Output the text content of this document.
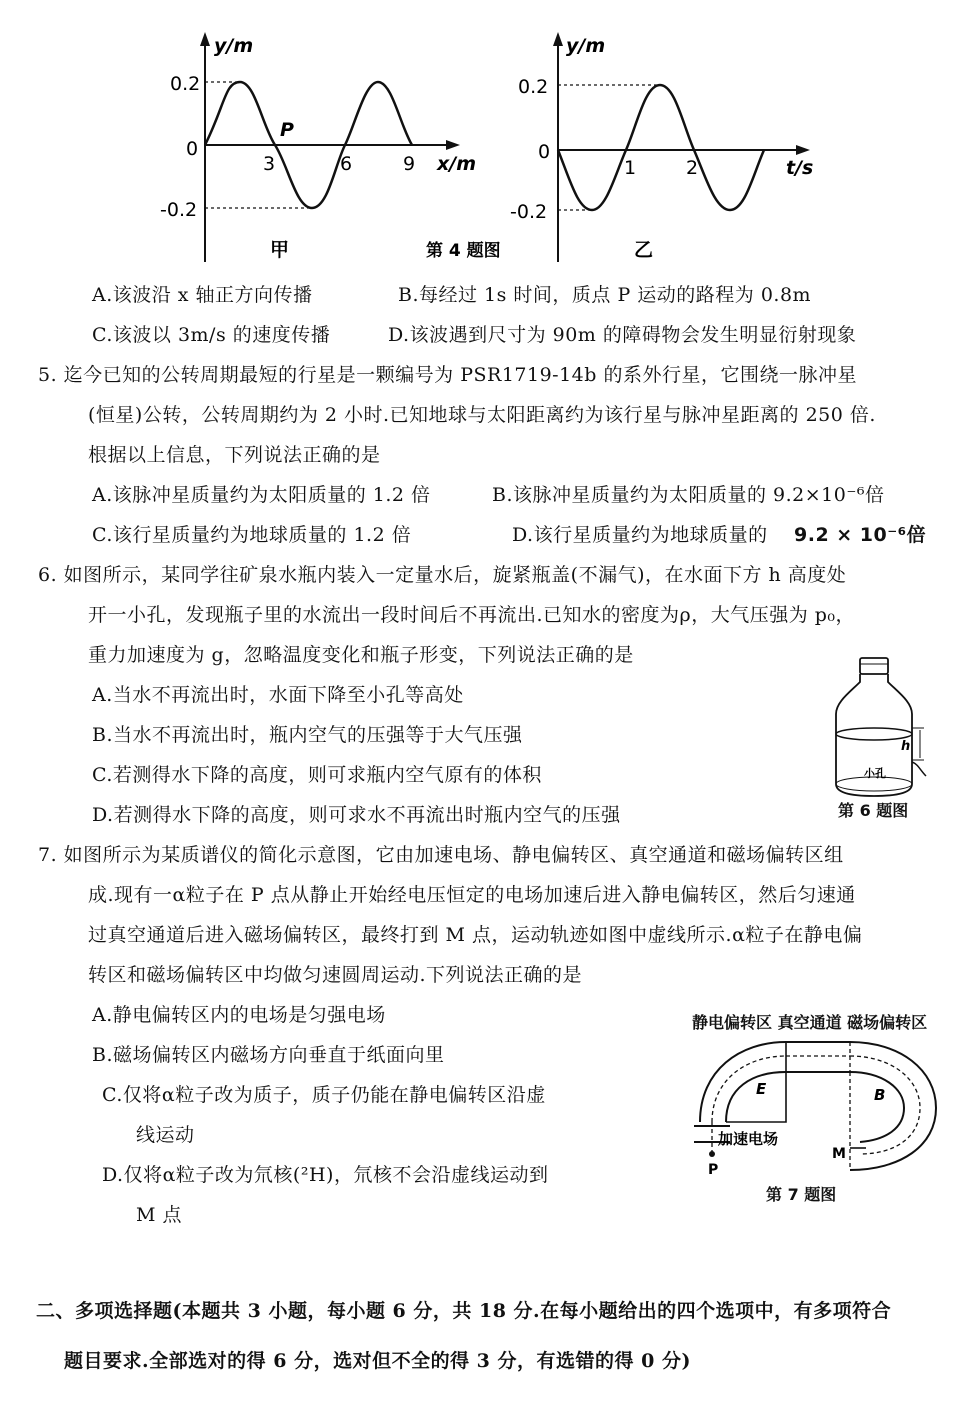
y/m
0.2
0
-0.2
3	6	9 x/m
P
甲	第 4 题图
y/m
0.2
0
-0.2
1	2	t/s
乙
A.该波沿 x 轴正方向传播	B.每经过 1s 时间，质点 P 运动的路程为 0.8m
C.该波以 3m/s 的速度传播	D.该波遇到尺寸为 90m 的障碍物会发生明显衍射现象
5. 迄今已知的公转周期最短的行星是一颗编号为 PSR1719-14b 的系外行星，它围绕一脉冲星
(恒星)公转，公转周期约为 2 小时.已知地球与太阳距离约为该行星与脉冲星距离的 250 倍.
根据以上信息，下列说法正确的是
A.该脉冲星质量约为太阳质量的 1.2 倍	B.该脉冲星质量约为太阳质量的 9.2×10⁻⁶倍
C.该行星质量约为地球质量的 1.2 倍	D.该行星质量约为地球质量的 9.2 × 10⁻⁶倍
6. 如图所示，某同学往矿泉水瓶内装入一定量水后，旋紧瓶盖(不漏气)，在水面下方 h 高度处
开一小孔，发现瓶子里的水流出一段时间后不再流出.已知水的密度为ρ，大气压强为 p₀，
重力加速度为 g，忽略温度变化和瓶子形变，下列说法正确的是
A.当水不再流出时，水面下降至小孔等高处
B.当水不再流出时，瓶内空气的压强等于大气压强
C.若测得水下降的高度，则可求瓶内空气原有的体积
D.若测得水下降的高度，则可求水不再流出时瓶内空气的压强
h
小孔
第 6 题图
7. 如图所示为某质谱仪的简化示意图，它由加速电场、静电偏转区、真空通道和磁场偏转区组
成.现有一α粒子在 P 点从静止开始经电压恒定的电场加速后进入静电偏转区，然后匀速通
过真空通道后进入磁场偏转区，最终打到 M 点，运动轨迹如图中虚线所示.α粒子在静电偏
转区和磁场偏转区中均做匀速圆周运动.下列说法正确的是
A.静电偏转区内的电场是匀强电场
B.磁场偏转区内磁场方向垂直于纸面向里
C.仅将α粒子改为质子，质子仍能在静电偏转区沿虚
线运动
D.仅将α粒子改为氘核(²H)，氘核不会沿虚线运动到
M 点
静电偏转区 真空通道 磁场偏转区
E	B
加速电场
P
M
第 7 题图
二、多项选择题(本题共 3 小题，每小题 6 分，共 18 分.在每小题给出的四个选项中，有多项符合
题目要求.全部选对的得 6 分，选对但不全的得 3 分，有选错的得 0 分)
